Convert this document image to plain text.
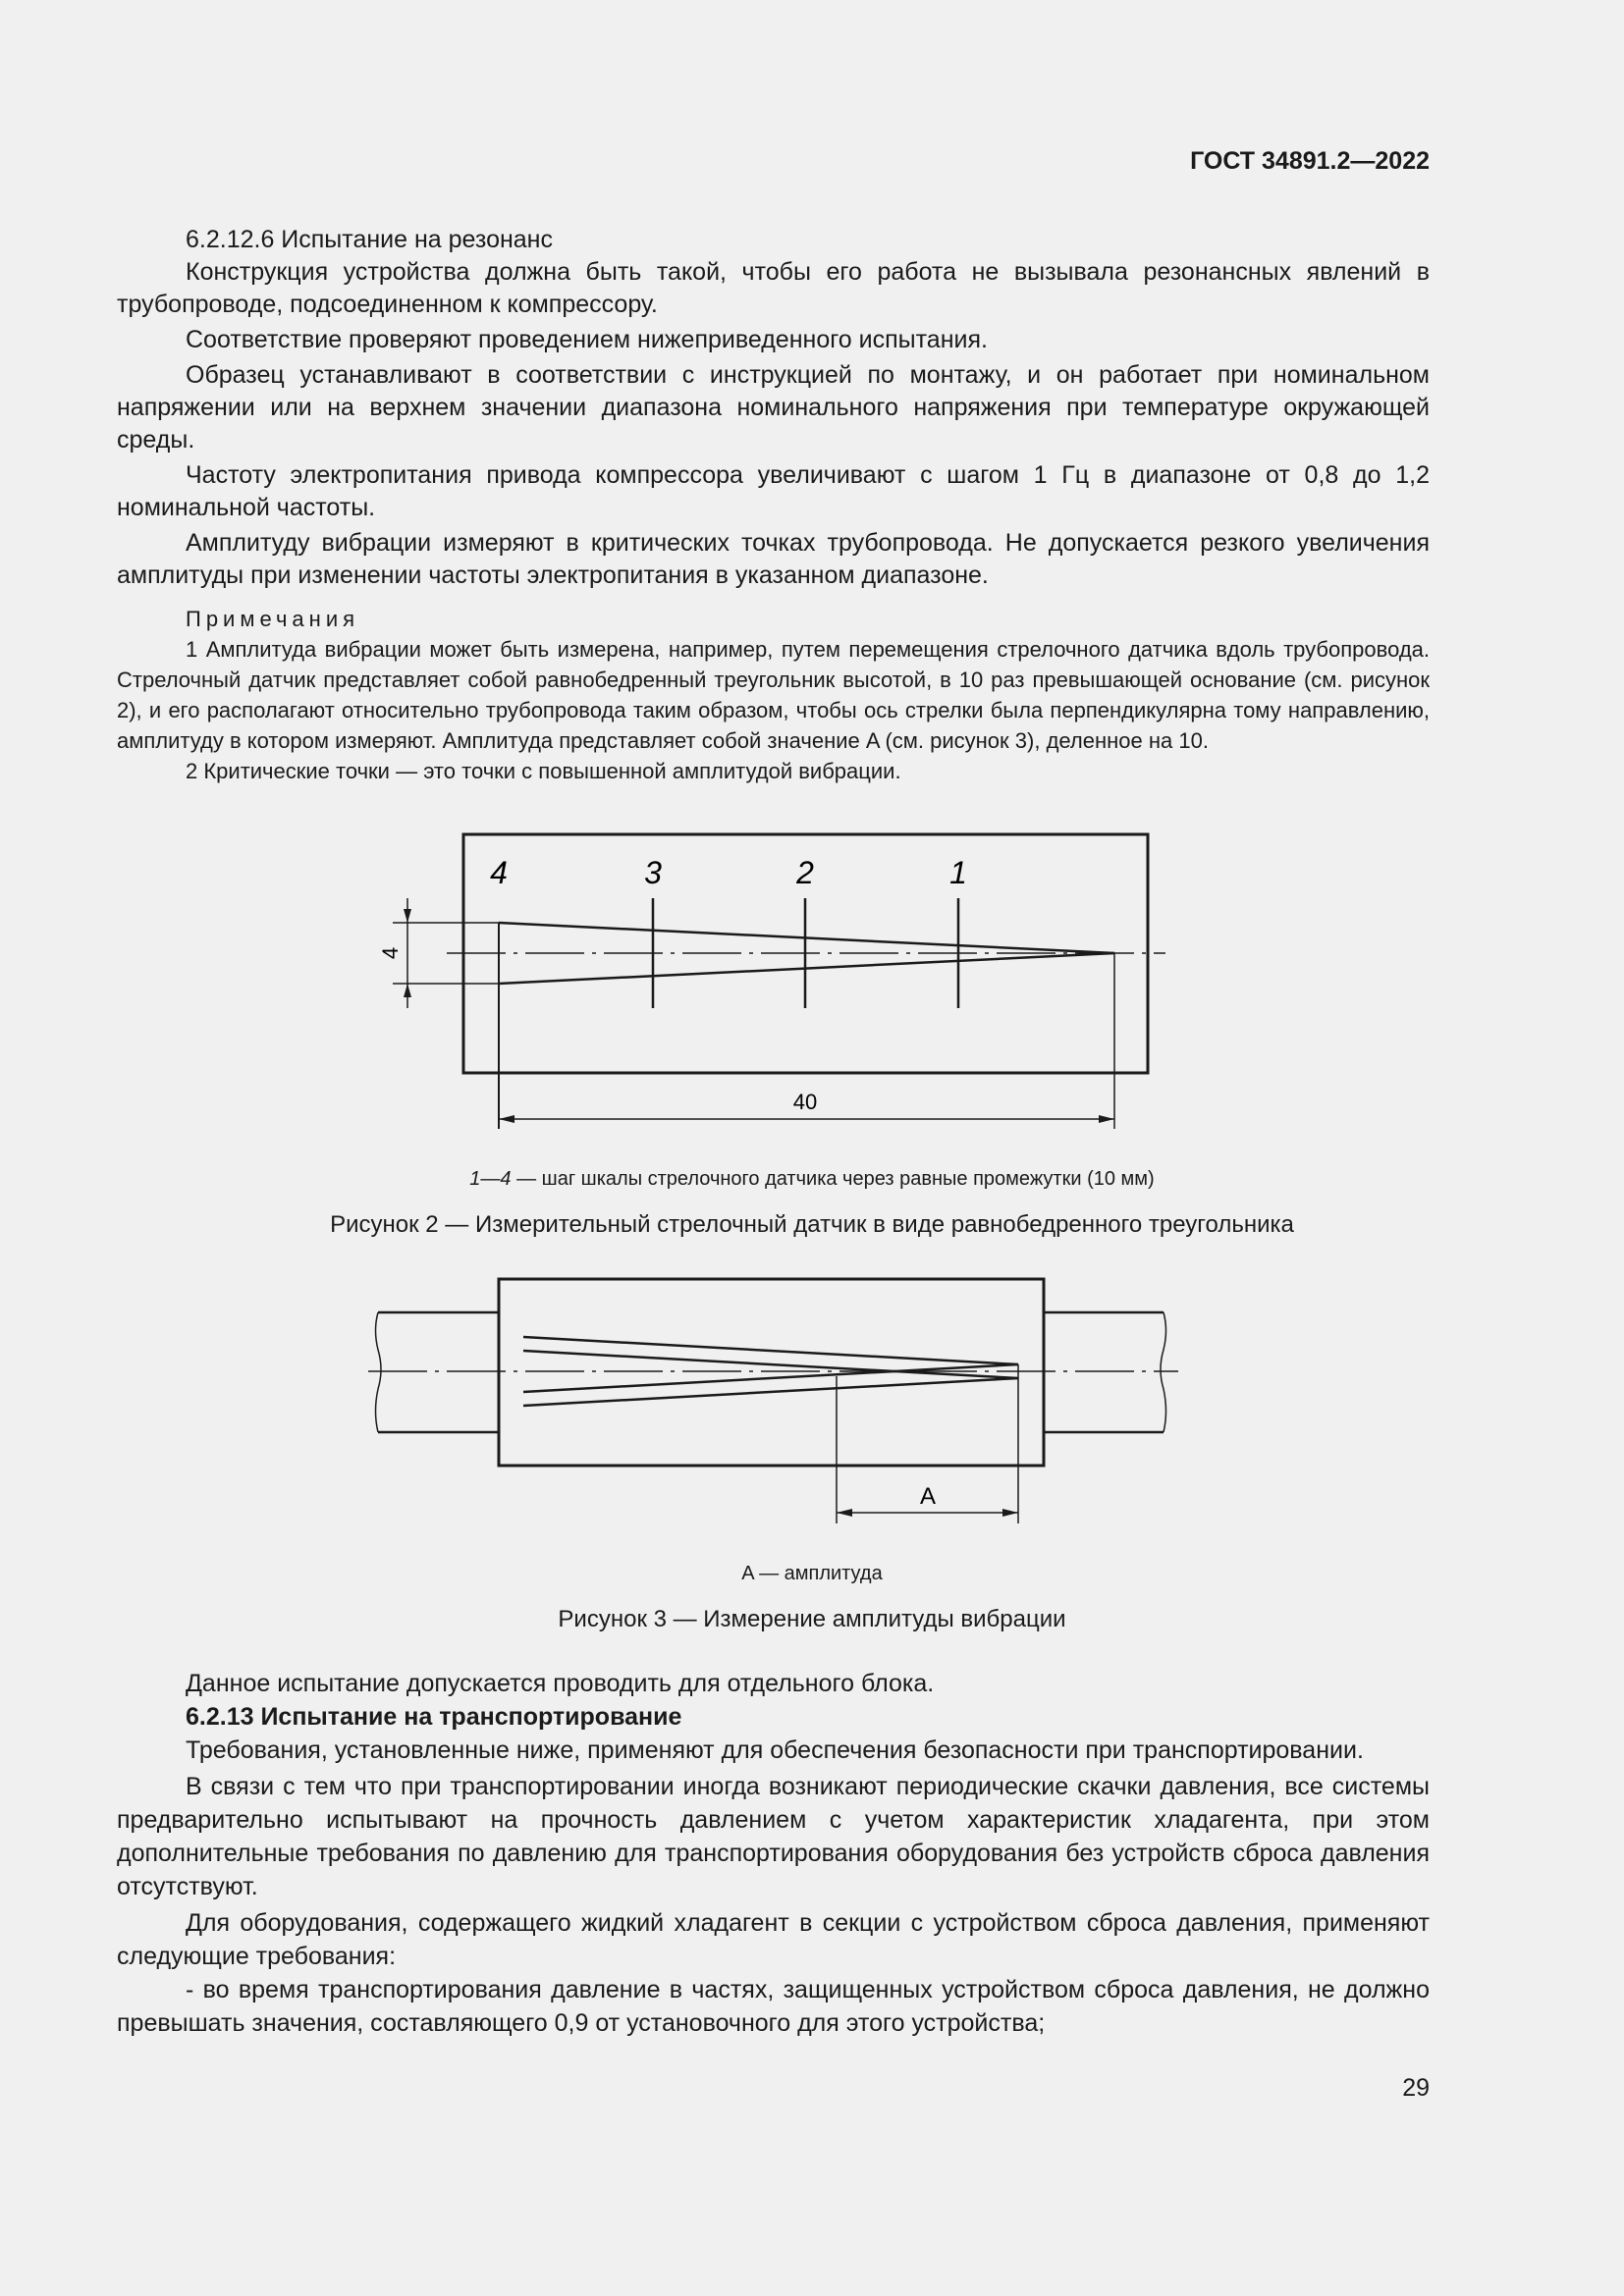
ГОСТ 34891.2—2022

6.2.12.6 Испытание на резонанс

Конструкция устройства должна быть такой, чтобы его работа не вызывала резонансных явлений в трубопроводе, подсоединенном к компрессору.

Соответствие проверяют проведением нижеприведенного испытания.

Образец устанавливают в соответствии с инструкцией по монтажу, и он работает при номинальном напряжении или на верхнем значении диапазона номинального напряжения при температуре окружающей среды.

Частоту электропитания привода компрессора увеличивают с шагом 1 Гц в диапазоне от 0,8 до 1,2 номинальной частоты.

Амплитуду вибрации измеряют в критических точках трубопровода. Не допускается резкого увеличения амплитуды при изменении частоты электропитания в указанном диапазоне.

Примечания

1 Амплитуда вибрации может быть измерена, например, путем перемещения стрелочного датчика вдоль трубопровода. Стрелочный датчик представляет собой равнобедренный треугольник высотой, в 10 раз превышающей основание (см. рисунок 2), и его располагают относительно трубопровода таким образом, чтобы ось стрелки была перпендикулярна тому направлению, амплитуду в котором измеряют. Амплитуда представляет собой значение A (см. рисунок 3), деленное на 10.

2 Критические точки — это точки с повышенной амплитудой вибрации.

4	3	2	1
4
40
1—4 — шаг шкалы стрелочного датчика через равные промежутки (10 мм)
Рисунок 2 — Измерительный стрелочный датчик в виде равнобедренного треугольника
A
A — амплитуда
Рисунок 3 — Измерение амплитуды вибрации

Данное испытание допускается проводить для отдельного блока.

6.2.13 Испытание на транспортирование

Требования, установленные ниже, применяют для обеспечения безопасности при транспортировании.

В связи с тем что при транспортировании иногда возникают периодические скачки давления, все системы предварительно испытывают на прочность давлением с учетом характеристик хладагента, при этом дополнительные требования по давлению для транспортирования оборудования без устройств сброса давления отсутствуют.

Для оборудования, содержащего жидкий хладагент в секции с устройством сброса давления, применяют следующие требования:

- во время транспортирования давление в частях, защищенных устройством сброса давления, не должно превышать значения, составляющего 0,9 от установочного для этого устройства;

29
